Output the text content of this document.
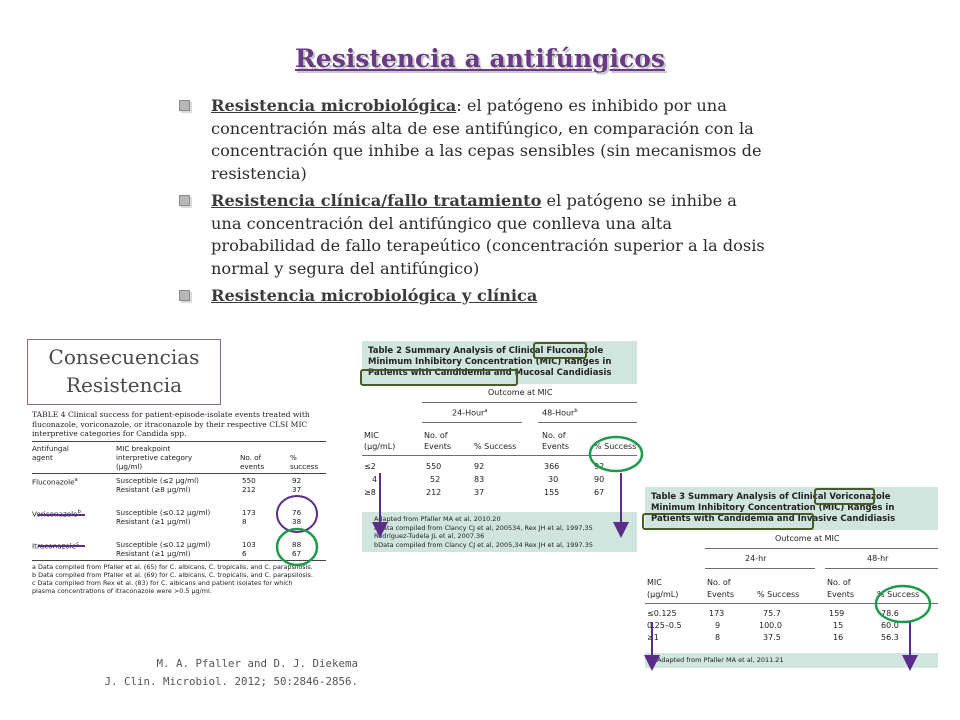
Resistencia a antifúngicos
Resistencia microbiológica: el patógeno es inhibido por una concentración más alta de ese antifúngico, en comparación con la concentración que inhibe a las cepas sensibles (sin mecanismos de resistencia)
Resistencia clínica/fallo tratamiento el patógeno se inhibe a una concentración del antifúngico que conlleva una alta probabilidad de fallo terapeútico (concentración superior a la dosis normal y segura del antifúngico)
Resistencia microbiológica y clínica
Consecuencias
Resistencia
TABLE 4 Clinical success for patient-episode-isolate events treated with fluconazole, voriconazole, or itraconazole by their respective CLSI MIC interpretive categories for Candida spp.
Antifungal	MIC breakpoint
agent	interpretive category	No. of	%
(µg/ml)	events	success
Fluconazole$^a$	Susceptible (≤2 µg/ml)	550	92
Resistant (≥8 µg/ml)	212	37
Voriconazole$^b$	Susceptible (≤0.12 µg/ml)	173	76
Resistant (≥1 µg/ml)	8	38
Itraconazole$^c$	Susceptible (≤0.12 µg/ml)	103	88
Resistant (≥1 µg/ml)	6	67
a Data compiled from Pfaller et al. (65) for C. albicans, C. tropicalis, and C. parapsilosis.
b Data compiled from Pfaller et al. (69) for C. albicans, C. tropicalis, and C. parapsilosis.
c Data compiled from Rex et al. (83) for C. albicans and patient isolates for which
plasma concentrations of itraconazole were >0.5 µg/ml.
Table 2 Summary Analysis of Clinical Fluconazole Minimum Inhibitory Concentration (MIC) Ranges in Patients with Candidemia and Mucosal Candidiasis
Outcome at MIC
24-Hour$^a$	48-Hour$^b$
MIC
(µg/mL)
No. of
Events	% Success
No. of
Events	% Success
≤2	550	92	366	92
4	52	83	30	90
≥8	212	37	155	67
Adapted from Pfaller MA et al, 2010.20
aData compiled from Clancy CJ et al, 200534, Rex JH et al, 1997,35
Rodríguez-Tudela JL et al, 2007.36
bData compiled from Clancy CJ et al, 2005,34 Rex JH et al, 1997.35
Table 3 Summary Analysis of Clinical Voriconazole Minimum Inhibitory Concentration (MIC) Ranges in Patients with Candidemia and Invasive Candidiasis
Outcome at MIC
24-hr	48-hr
MIC
(µg/mL)
No. of
Events	% Success
No. of
Events	% Success
≤0.125	173	75.7	159	78.6
0.25–0.5	9	100.0	15	60.0
≥1	8	37.5	16	56.3
Adapted from Pfaller MA et al, 2011.21
M. A. Pfaller and D. J. Diekema
J. Clin. Microbiol. 2012; 50:2846-2856.
